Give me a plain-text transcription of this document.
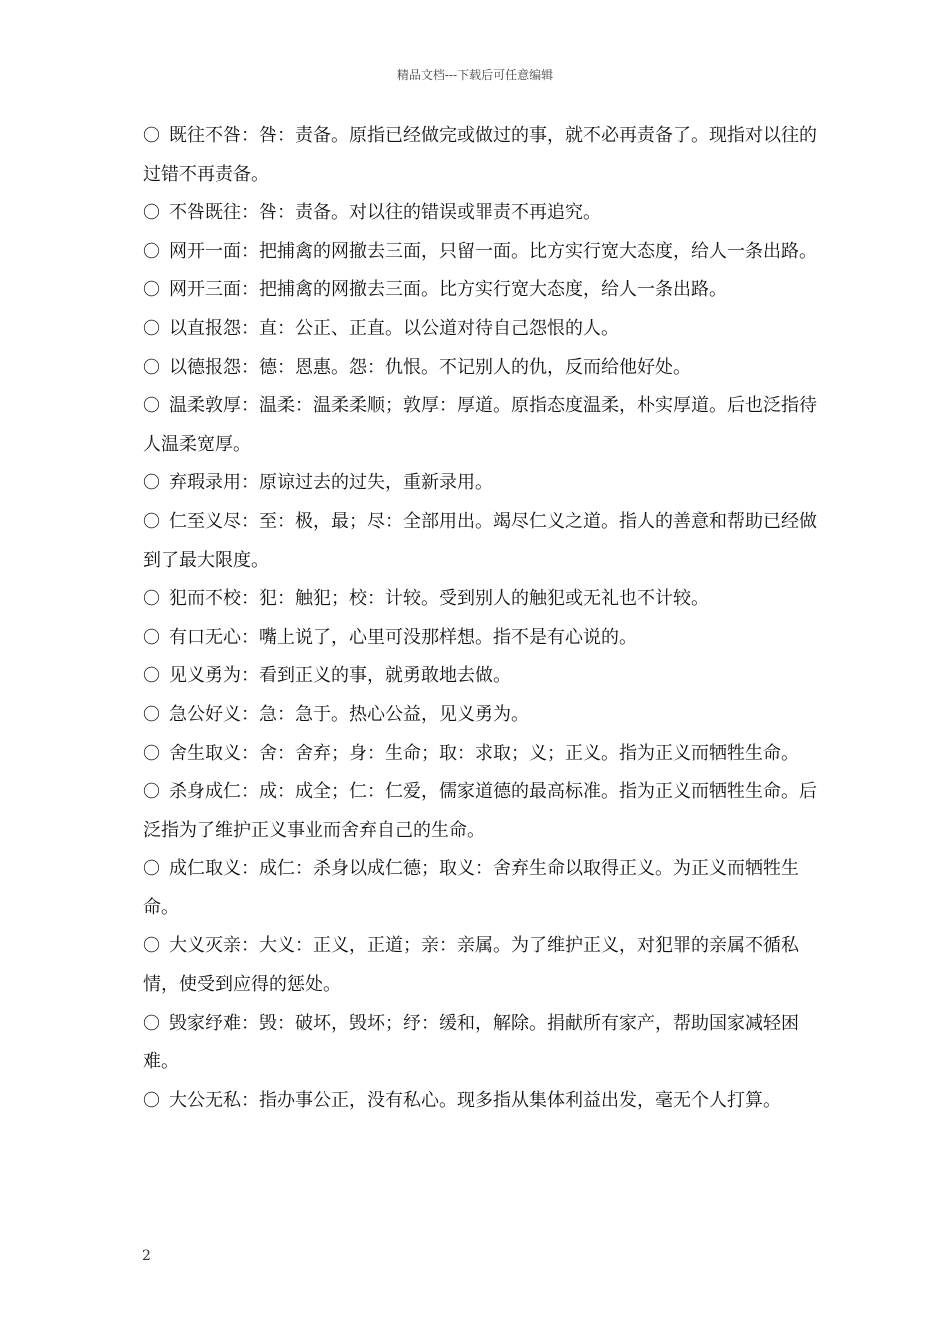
精品文档---下载后可任意编辑

〇 既往不咎：咎：责备。原指已经做完或做过的事，就不必再责备了。现指对以往的过错不再责备。

〇 不咎既往：咎：责备。对以往的错误或罪责不再追究。

〇 网开一面：把捕禽的网撤去三面，只留一面。比方实行宽大态度，给人一条出路。

〇 网开三面：把捕禽的网撤去三面。比方实行宽大态度，给人一条出路。

〇 以直报怨：直：公正、正直。以公道对待自己怨恨的人。

〇 以德报怨：德：恩惠。怨：仇恨。不记别人的仇，反而给他好处。

〇 温柔敦厚：温柔：温柔柔顺；敦厚：厚道。原指态度温柔，朴实厚道。后也泛指待人温柔宽厚。

〇 弃瑕录用：原谅过去的过失，重新录用。

〇 仁至义尽：至：极，最；尽：全部用出。竭尽仁义之道。指人的善意和帮助已经做到了最大限度。

〇 犯而不校：犯：触犯；校：计较。受到别人的触犯或无礼也不计较。

〇 有口无心：嘴上说了，心里可没那样想。指不是有心说的。

〇 见义勇为：看到正义的事，就勇敢地去做。

〇 急公好义：急：急于。热心公益，见义勇为。

〇 舍生取义：舍：舍弃；身：生命；取：求取；义；正义。指为正义而牺牲生命。

〇 杀身成仁：成：成全；仁：仁爱，儒家道德的最高标准。指为正义而牺牲生命。后泛指为了维护正义事业而舍弃自己的生命。

〇 成仁取义：成仁：杀身以成仁德；取义：舍弃生命以取得正义。为正义而牺牲生命。

〇 大义灭亲：大义：正义，正道；亲：亲属。为了维护正义，对犯罪的亲属不循私情，使受到应得的惩处。

〇 毁家纾难：毁：破坏，毁坏；纾：缓和，解除。捐献所有家产，帮助国家减轻困难。

〇 大公无私：指办事公正，没有私心。现多指从集体利益出发，毫无个人打算。

2
